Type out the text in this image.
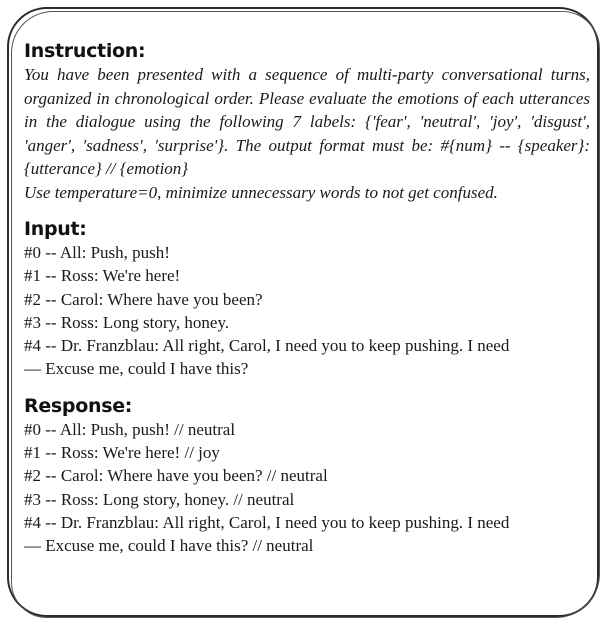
Instruction:
You have been presented with a sequence of multi-party conversational turns, organized in chronological order. Please evaluate the emotions of each utterances in the dialogue using the following 7 labels: {'fear', 'neutral', 'joy', 'disgust', 'anger', 'sadness', 'surprise'}. The output format must be: #{num} -- {speaker}: {utterance} // {emotion}
Use temperature=0, minimize unnecessary words to not get confused.
Input:
#0 -- All: Push, push!
#1 -- Ross: We're here!
#2 -- Carol: Where have you been?
#3 -- Ross: Long story, honey.
#4 -- Dr. Franzblau: All right, Carol, I need you to keep pushing. I need
— Excuse me, could I have this?
Response:
#0 -- All: Push, push! // neutral
#1 -- Ross: We're here! // joy
#2 -- Carol: Where have you been? // neutral
#3 -- Ross: Long story, honey. // neutral
#4 -- Dr. Franzblau: All right, Carol, I need you to keep pushing. I need
— Excuse me, could I have this? // neutral
